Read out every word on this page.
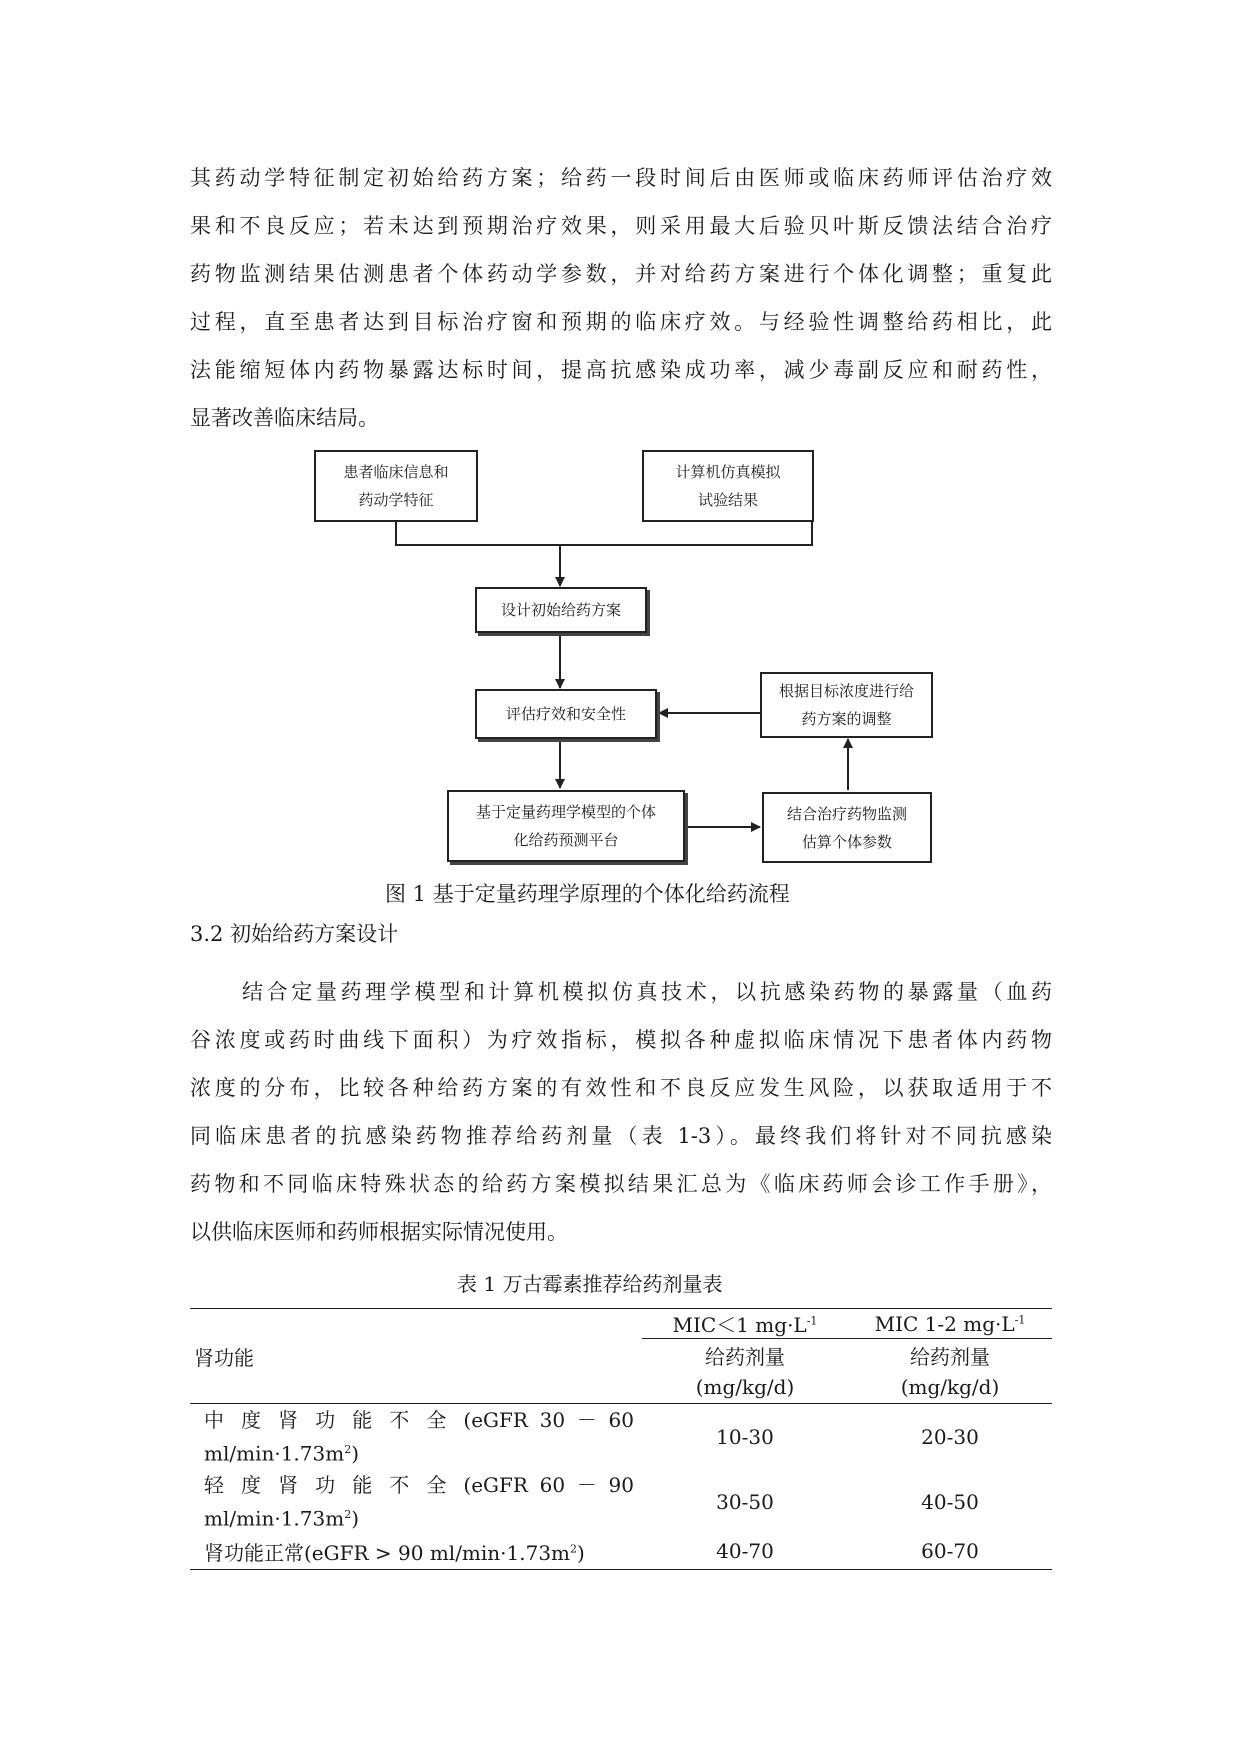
其药动学特征制定初始给药方案；给药一段时间后由医师或临床药师评估治疗效
果和不良反应；若未达到预期治疗效果，则采用最大后验贝叶斯反馈法结合治疗
药物监测结果估测患者个体药动学参数，并对给药方案进行个体化调整；重复此
过程，直至患者达到目标治疗窗和预期的临床疗效。与经验性调整给药相比，此
法能缩短体内药物暴露达标时间，提高抗感染成功率，减少毒副反应和耐药性，
显著改善临床结局。
患者临床信息和
药动学特征
计算机仿真模拟
试验结果
设计初始给药方案
评估疗效和安全性
根据目标浓度进行给
药方案的调整
基于定量药理学模型的个体
化给药预测平台
结合治疗药物监测
估算个体参数
图 1 基于定量药理学原理的个体化给药流程
3.2 初始给药方案设计
结合定量药理学模型和计算机模拟仿真技术，以抗感染药物的暴露量（血药
谷浓度或药时曲线下面积）为疗效指标，模拟各种虚拟临床情况下患者体内药物
浓度的分布，比较各种给药方案的有效性和不良反应发生风险，以获取适用于不
同临床患者的抗感染药物推荐给药剂量（表 1-3）。最终我们将针对不同抗感染
药物和不同临床特殊状态的给药方案模拟结果汇总为《临床药师会诊工作手册》，
以供临床医师和药师根据实际情况使用。
表 1 万古霉素推荐给药剂量表
肾功能	MIC＜1 $mg\cdot L^{-1}$	MIC 1-2 $mg\cdot L^{-1}$
	给药剂量	给药剂量
	(mg/kg/d)	(mg/kg/d)

中 度 肾 功 能 不 全 (eGFR 30 － 60
$ml/\min\cdot 1.73m^2$)	10-30	20-30

轻 度 肾 功 能 不 全 (eGFR 60 － 90
$ml/\min\cdot 1.73m^2$)	30-50	40-50
肾功能正常(eGFR > 90 $ml/\min\cdot 1.73m^2$)	40-70	60-70
